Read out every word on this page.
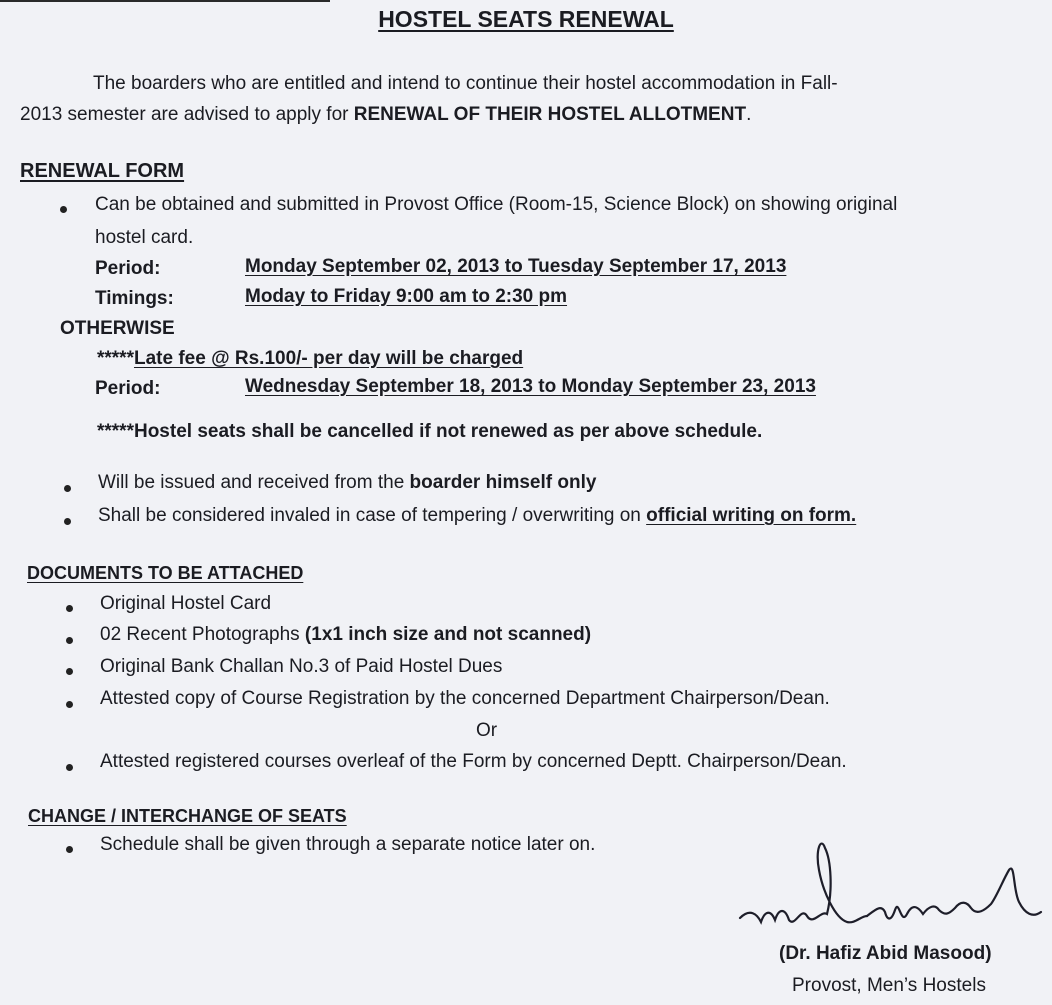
HOSTEL SEATS RENEWAL
The boarders who are entitled and intend to continue their hostel accommodation in Fall-
2013 semester are advised to apply for RENEWAL OF THEIR HOSTEL ALLOTMENT.
RENEWAL FORM
Can be obtained and submitted in Provost Office (Room-15, Science Block) on showing original
hostel card.
Period:	Monday September 02, 2013 to Tuesday September 17, 2013
Timings:	Moday to Friday 9:00 am to 2:30 pm
OTHERWISE
*****Late fee @ Rs.100/- per day will be charged
Period:	Wednesday September 18, 2013 to Monday September 23, 2013
*****Hostel seats shall be cancelled if not renewed as per above schedule.
Will be issued and received from the boarder himself only
Shall be considered invaled in case of tempering / overwriting on official writing on form.
DOCUMENTS TO BE ATTACHED
Original Hostel Card
02 Recent Photographs (1x1 inch size and not scanned)
Original Bank Challan No.3 of Paid Hostel Dues
Attested copy of Course Registration by the concerned Department Chairperson/Dean.
Or
Attested registered courses overleaf of the Form by concerned Deptt. Chairperson/Dean.
CHANGE / INTERCHANGE OF SEATS
Schedule shall be given through a separate notice later on.
(Dr. Hafiz Abid Masood)
Provost, Men’s Hostels
